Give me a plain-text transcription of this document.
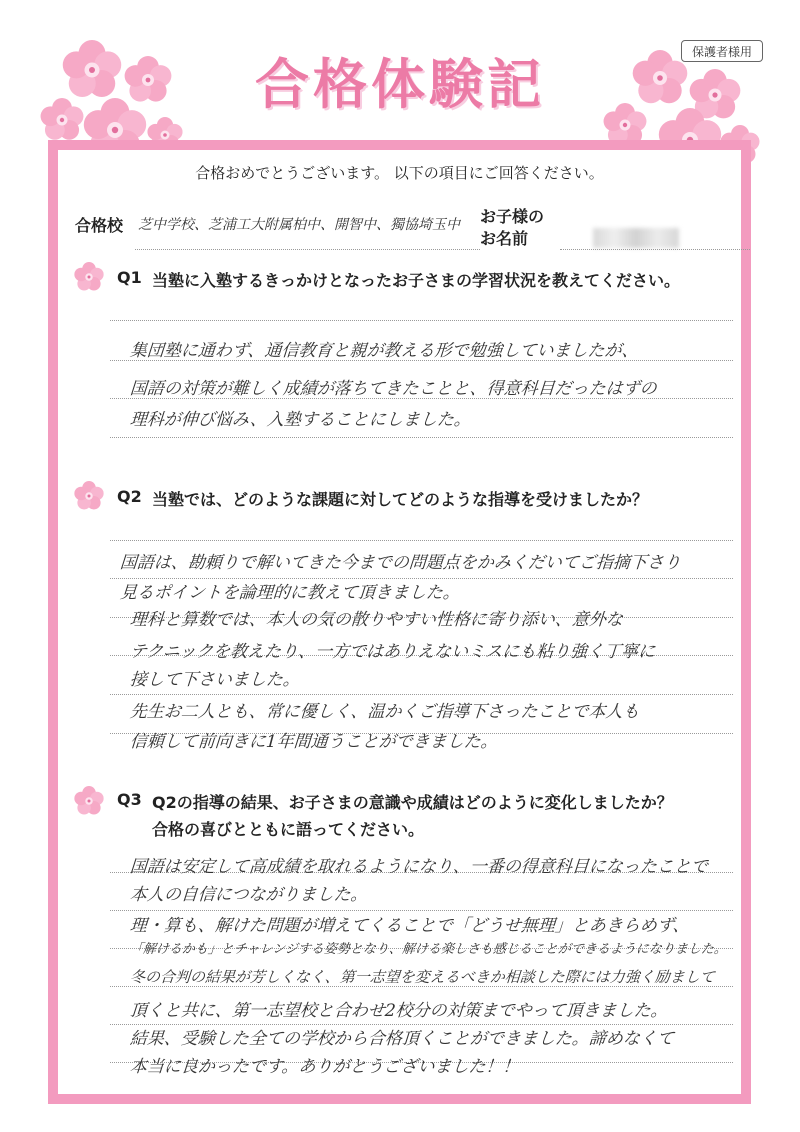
保護者様用
合格体験記
合格おめでとうございます。 以下の項目にご回答ください。
合格校 芝中学校、芝浦工大附属柏中、開智中、獨協埼玉中 お子様の
お名前
Q1 当塾に入塾するきっかけとなったお子さまの学習状況を教えてください。
集団塾に通わず、通信教育と親が教える形で勉強していましたが、
国語の対策が難しく成績が落ちてきたことと、得意科目だったはずの
理科が伸び悩み、入塾することにしました。
Q2 当塾では、どのような課題に対してどのような指導を受けましたか？
国語は、勘頼りで解いてきた今までの問題点をかみくだいてご指摘下さり
見るポイントを論理的に教えて頂きました。
理科と算数では、本人の気の散りやすい性格に寄り添い、意外な
テクニックを教えたり、一方ではありえないミスにも粘り強く丁寧に
接して下さいました。
先生お二人とも、常に優しく、温かくご指導下さったことで本人も
信頼して前向きに1年間通うことができました。
Q3 Q2の指導の結果、お子さまの意識や成績はどのように変化しましたか？
合格の喜びとともに語ってください。
国語は安定して高成績を取れるようになり、一番の得意科目になったことで
本人の自信につながりました。
理・算も、解けた問題が増えてくることで「どうせ無理」とあきらめず、
「解けるかも」とチャレンジする姿勢となり、解ける楽しさも感じることができるようになりました。
冬の合判の結果が芳しくなく、第一志望を変えるべきか相談した際には力強く励まして
頂くと共に、第一志望校と合わせ2校分の対策までやって頂きました。
結果、受験した全ての学校から合格頂くことができました。諦めなくて
本当に良かったです。ありがとうございました！！
